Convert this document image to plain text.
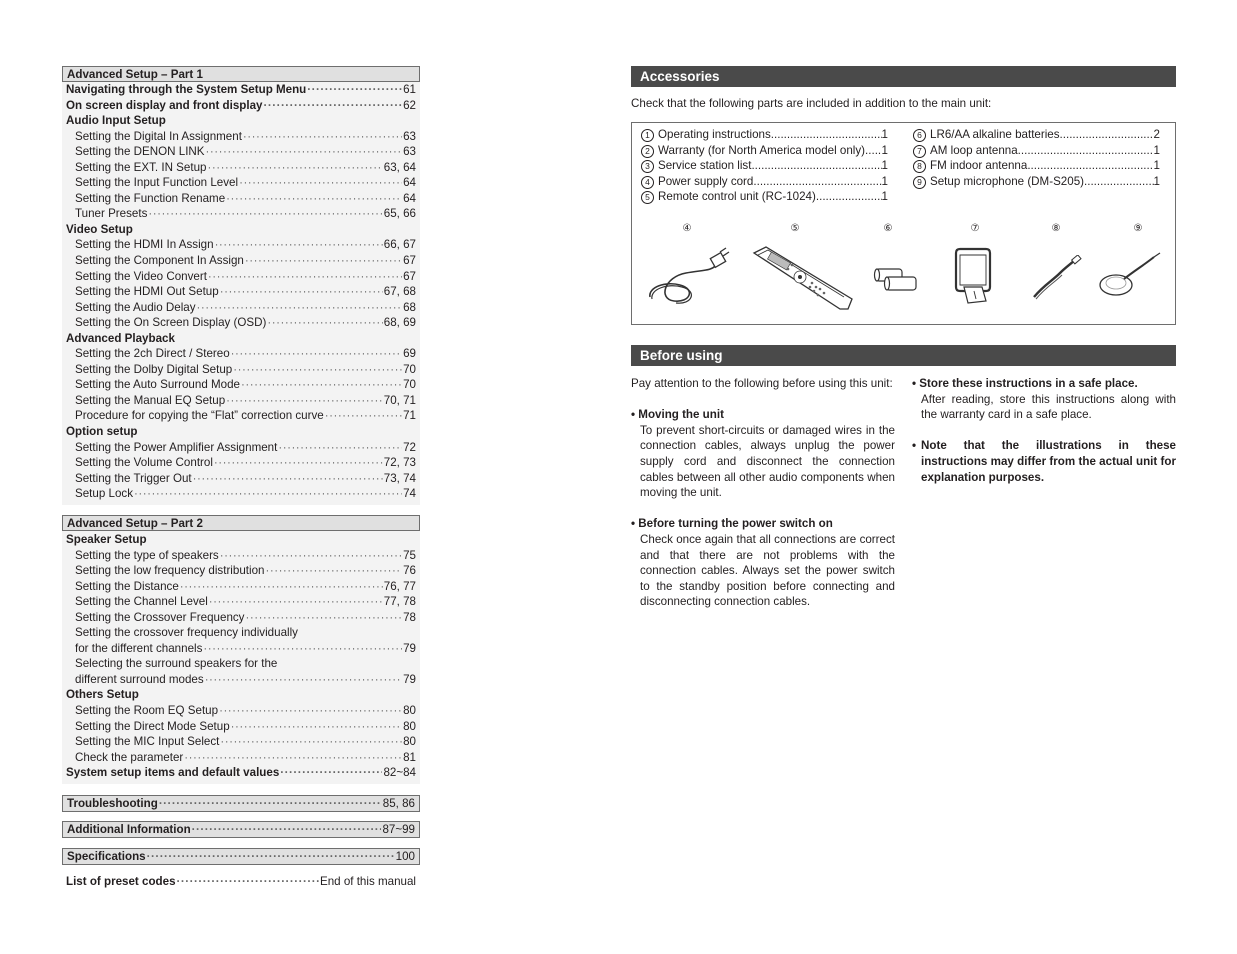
Advanced Setup – Part 1
Navigating through the System Setup Menu ·····	61
On screen display and front display ·····	62
Audio Input Setup
Setting the Digital In Assignment ·····	63
Setting the DENON LINK ·····	63
Setting the EXT. IN Setup ·····	63, 64
Setting the Input Function Level ·····	64
Setting the Function Rename ·····	64
Tuner Presets ·····	65, 66
Video Setup
Setting the HDMI In Assign ·····	66, 67
Setting the Component In Assign ·····	67
Setting the Video Convert ·····	67
Setting the HDMI Out Setup ·····	67, 68
Setting the Audio Delay ·····	68
Setting the On Screen Display (OSD) ·····	68, 69
Advanced Playback
Setting the 2ch Direct / Stereo ·····	69
Setting the Dolby Digital Setup ·····	70
Setting the Auto Surround Mode ·····	70
Setting the Manual EQ Setup ·····	70, 71
Procedure for copying the “Flat” correction curve ·····	71
Option setup
Setting the Power Amplifier Assignment ·····	72
Setting the Volume Control ·····	72, 73
Setting the Trigger Out ·····	73, 74
Setup Lock ·····	74
Advanced Setup – Part 2
Speaker Setup
Setting the type of speakers ·····	75
Setting the low frequency distribution ·····	76
Setting the Distance ·····	76, 77
Setting the Channel Level ·····	77, 78
Setting the Crossover Frequency ·····	78
Setting the crossover frequency individually
for the different channels ·····	79
Selecting the surround speakers for the
different surround modes ·····	79
Others Setup
Setting the Room EQ Setup ·····	80
Setting the Direct Mode Setup ·····	80
Setting the MIC Input Select ·····	80
Check the parameter ·····	81
System setup items and default values ·····	82~84
Troubleshooting ·····	85, 86
Additional Information ·····	87~99
Specifications ·····	100
List of preset codes ·····	End of this manual
Accessories
Check that the following parts are included in addition to the main unit:
1 Operating instructions .....	1
2 Warranty (for North America model only) ..... 1
3 Service station list .....	1
4 Power supply cord .....	1
5 Remote control unit (RC-1024) .....	1
6 LR6/AA alkaline batteries .....	2
7 AM loop antenna .....	1
8 FM indoor antenna .....	1
9 Setup microphone (DM-S205) .....	1
④	⑤	⑥	⑦	⑧	⑨
Before using
Pay attention to the following before using this unit:
• Moving the unit
To prevent short-circuits or damaged wires in the connection cables, always unplug the power supply cord and disconnect the connection cables between all other audio components when moving the unit.
• Before turning the power switch on
Check once again that all connections are correct and that there are not problems with the connection cables. Always set the power switch to the standby position before connecting and disconnecting connection cables.
• Store these instructions in a safe place.
After reading, store this instructions along with the warranty card in a safe place.
• Note that the illustrations in these instructions may differ from the actual unit for explanation purposes.
